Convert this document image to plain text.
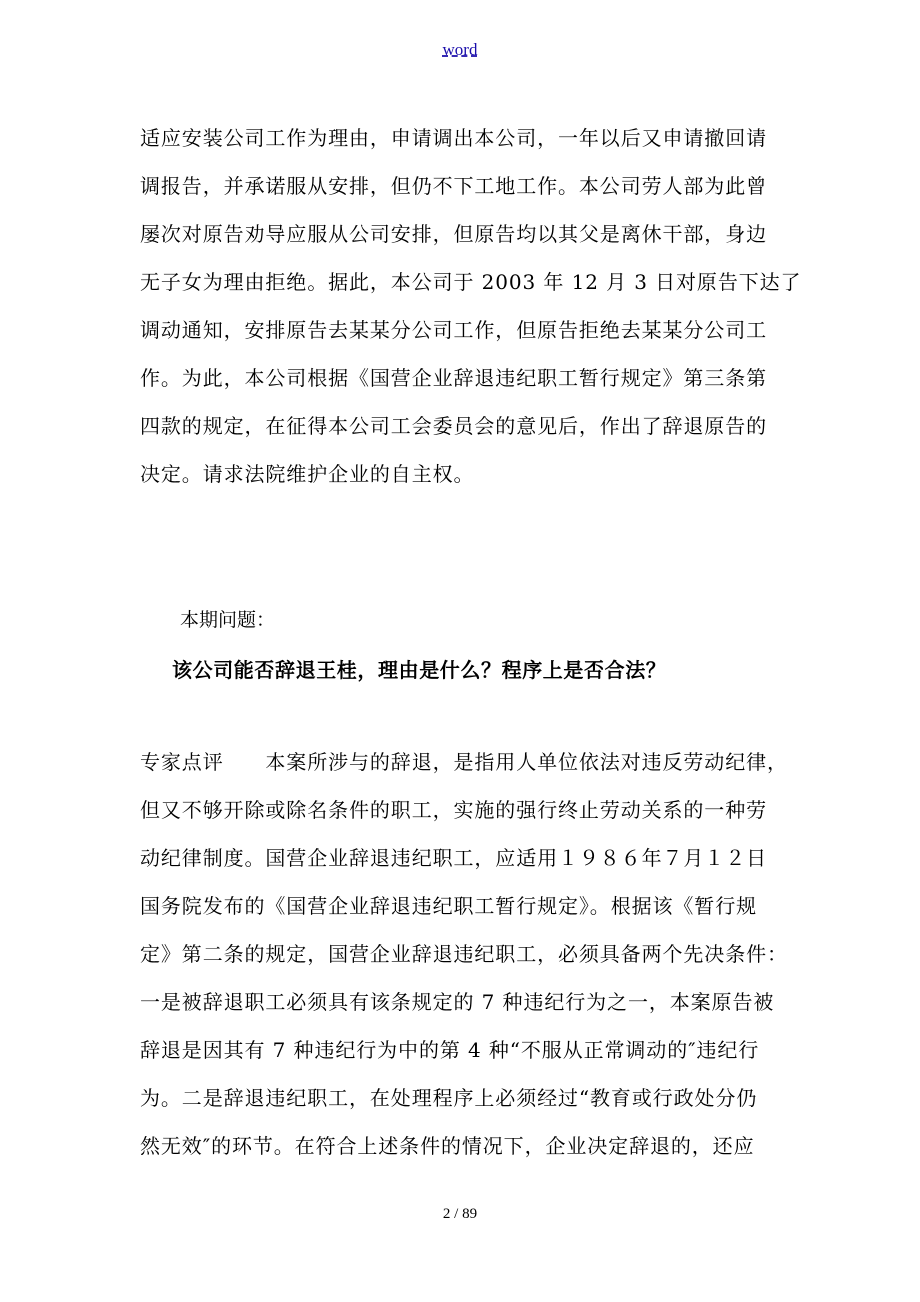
word
适应安装公司工作为理由，申请调出本公司，一年以后又申请撤回请
调报告，并承诺服从安排，但仍不下工地工作。本公司劳人部为此曾
屡次对原告劝导应服从公司安排，但原告均以其父是离休干部，身边
无子女为理由拒绝。据此，本公司于 2003 年 12 月 3 日对原告下达了
调动通知，安排原告去某某分公司工作，但原告拒绝去某某分公司工
作。为此，本公司根据《国营企业辞退违纪职工暂行规定》第三条第
四款的规定，在征得本公司工会委员会的意见后，作出了辞退原告的
决定。请求法院维护企业的自主权。
本期问题：
该公司能否辞退王桂，理由是什么？程序上是否合法？
专家点评　　本案所涉与的辞退，是指用人单位依法对违反劳动纪律，
但又不够开除或除名条件的职工，实施的强行终止劳动关系的一种劳
动纪律制度。国营企业辞退违纪职工，应适用１９８６年７月１２日
国务院发布的《国营企业辞退违纪职工暂行规定》。根据该《暂行规
定》第二条的规定，国营企业辞退违纪职工，必须具备两个先决条件：
一是被辞退职工必须具有该条规定的 7 种违纪行为之一，本案原告被
辞退是因其有 7 种违纪行为中的第 4 种“不服从正常调动的″违纪行
为。二是辞退违纪职工，在处理程序上必须经过“教育或行政处分仍
然无效″的环节。在符合上述条件的情况下，企业决定辞退的，还应
2 / 89
